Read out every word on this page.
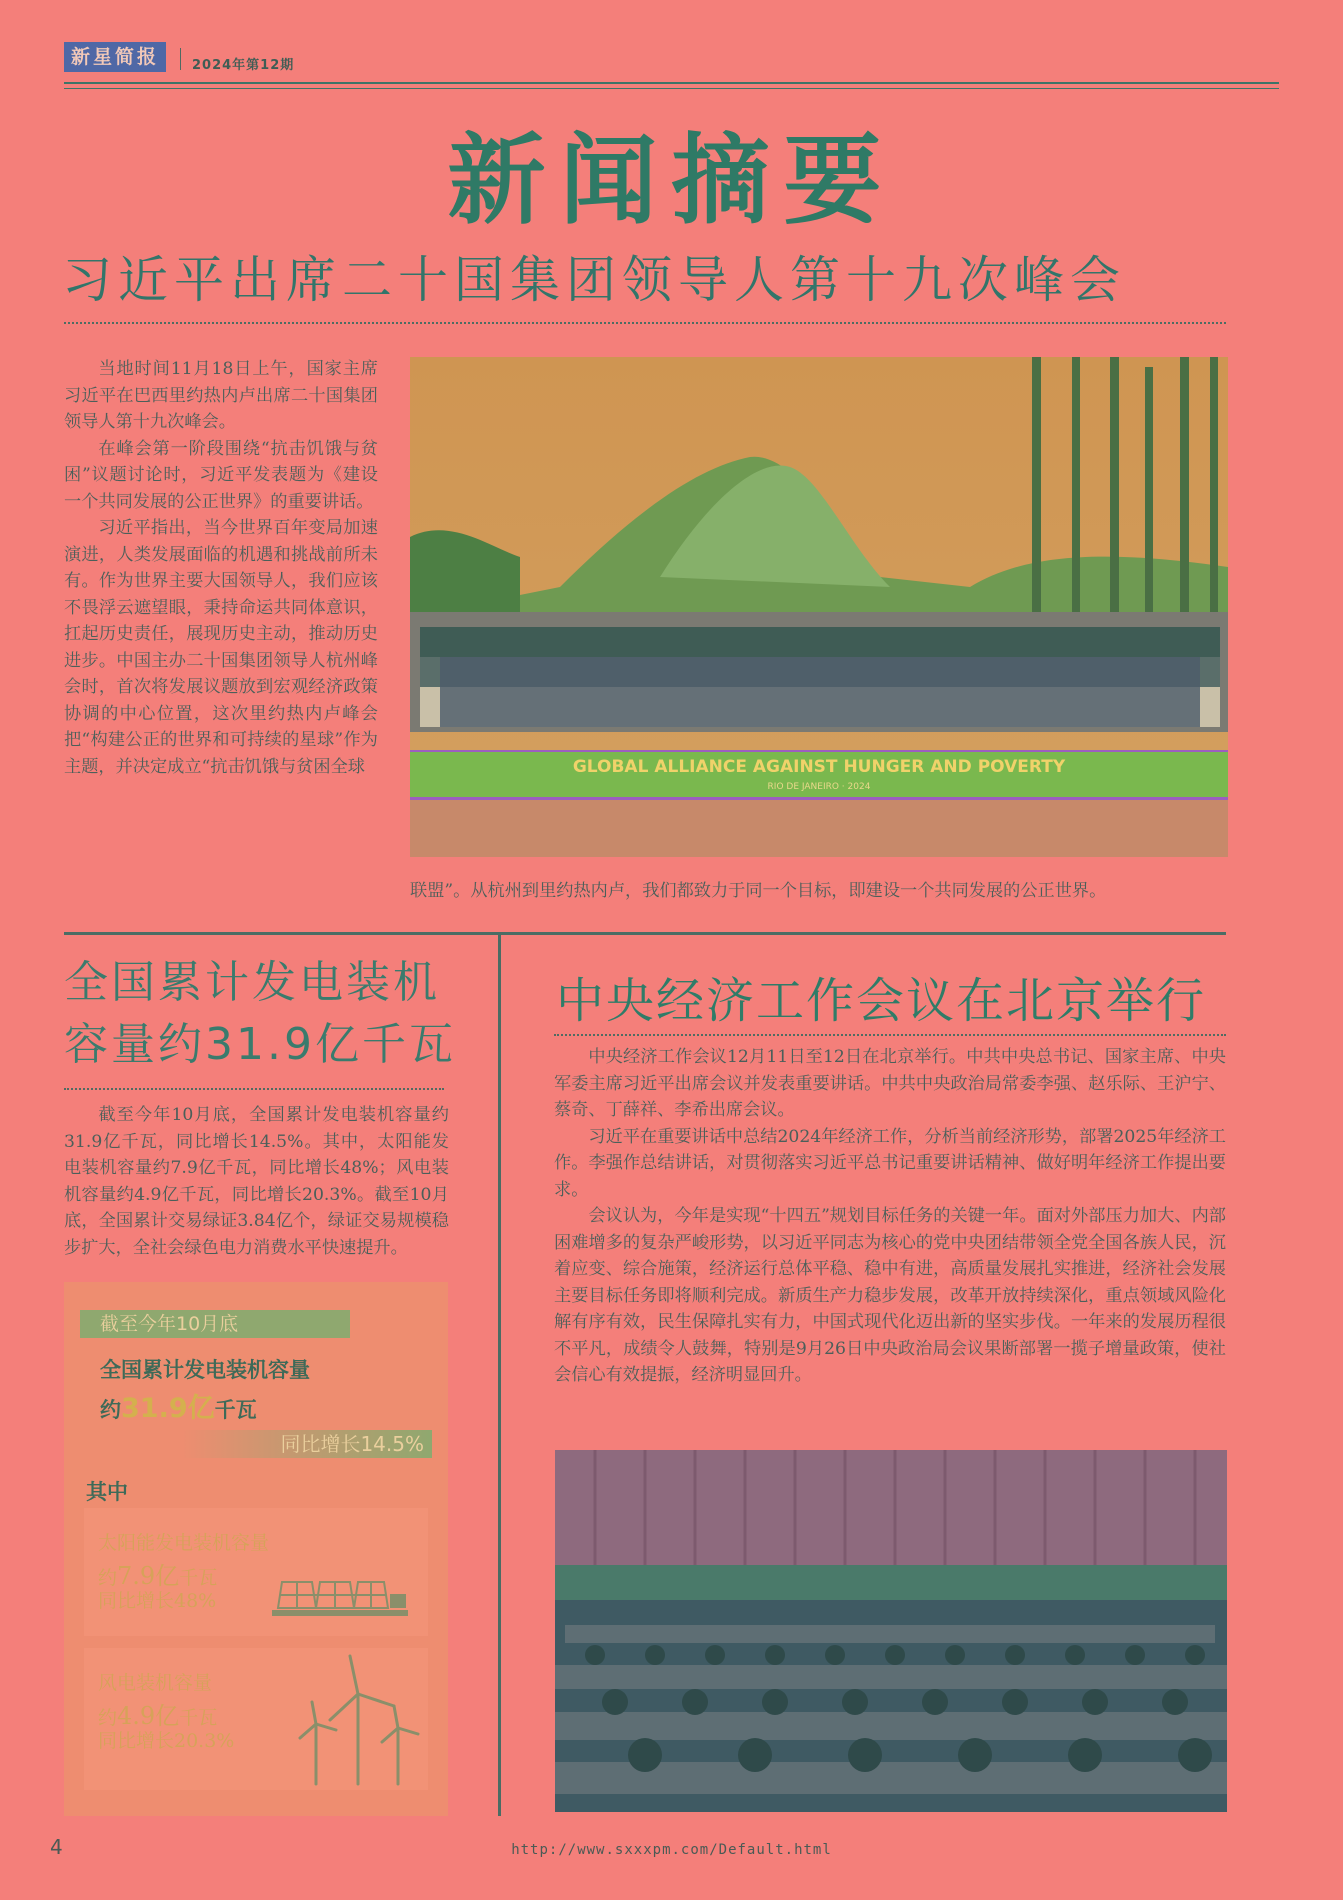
新星简报	2024年第12期
新闻摘要
习近平出席二十国集团领导人第十九次峰会

当地时间11月18日上午，国家主席习近平在巴西里约热内卢出席二十国集团领导人第十九次峰会。

在峰会第一阶段围绕“抗击饥饿与贫困”议题讨论时，习近平发表题为《建设一个共同发展的公正世界》的重要讲话。

习近平指出，当今世界百年变局加速演进，人类发展面临的机遇和挑战前所未有。作为世界主要大国领导人，我们应该不畏浮云遮望眼，秉持命运共同体意识，扛起历史责任，展现历史主动，推动历史进步。中国主办二十国集团领导人杭州峰会时，首次将发展议题放到宏观经济政策协调的中心位置，这次里约热内卢峰会把“构建公正的世界和可持续的星球”作为主题，并决定成立“抗击饥饿与贫困全球	GLOBAL ALLIANCE AGAINST HUNGER AND POVERTY
RIO DE JANEIRO · 2024
联盟”。从杭州到里约热内卢，我们都致力于同一个目标，即建设一个共同发展的公正世界。
全国累计发电装机
容量约31.9亿千瓦

截至今年10月底，全国累计发电装机容量约31.9亿千瓦，同比增长14.5%。其中，太阳能发电装机容量约7.9亿千瓦，同比增长48%；风电装机容量约4.9亿千瓦，同比增长20.3%。截至10月底，全国累计交易绿证3.84亿个，绿证交易规模稳步扩大，全社会绿色电力消费水平快速提升。

截至今年10月底
全国累计发电装机容量
约31.9亿千瓦
同比增长14.5%
其中
太阳能发电装机容量
约7.9亿千瓦
同比增长48%
风电装机容量
约4.9亿千瓦
同比增长20.3%
中央经济工作会议在北京举行

中央经济工作会议12月11日至12日在北京举行。中共中央总书记、国家主席、中央军委主席习近平出席会议并发表重要讲话。中共中央政治局常委李强、赵乐际、王沪宁、蔡奇、丁薛祥、李希出席会议。

习近平在重要讲话中总结2024年经济工作，分析当前经济形势，部署2025年经济工作。李强作总结讲话，对贯彻落实习近平总书记重要讲话精神、做好明年经济工作提出要求。

会议认为，今年是实现“十四五”规划目标任务的关键一年。面对外部压力加大、内部困难增多的复杂严峻形势，以习近平同志为核心的党中央团结带领全党全国各族人民，沉着应变、综合施策，经济运行总体平稳、稳中有进，高质量发展扎实推进，经济社会发展主要目标任务即将顺利完成。新质生产力稳步发展，改革开放持续深化，重点领域风险化解有序有效，民生保障扎实有力，中国式现代化迈出新的坚实步伐。一年来的发展历程很不平凡，成绩令人鼓舞，特别是9月26日中央政治局会议果断部署一揽子增量政策，使社会信心有效提振，经济明显回升。

4	http://www.sxxxpm.com/Default.html
